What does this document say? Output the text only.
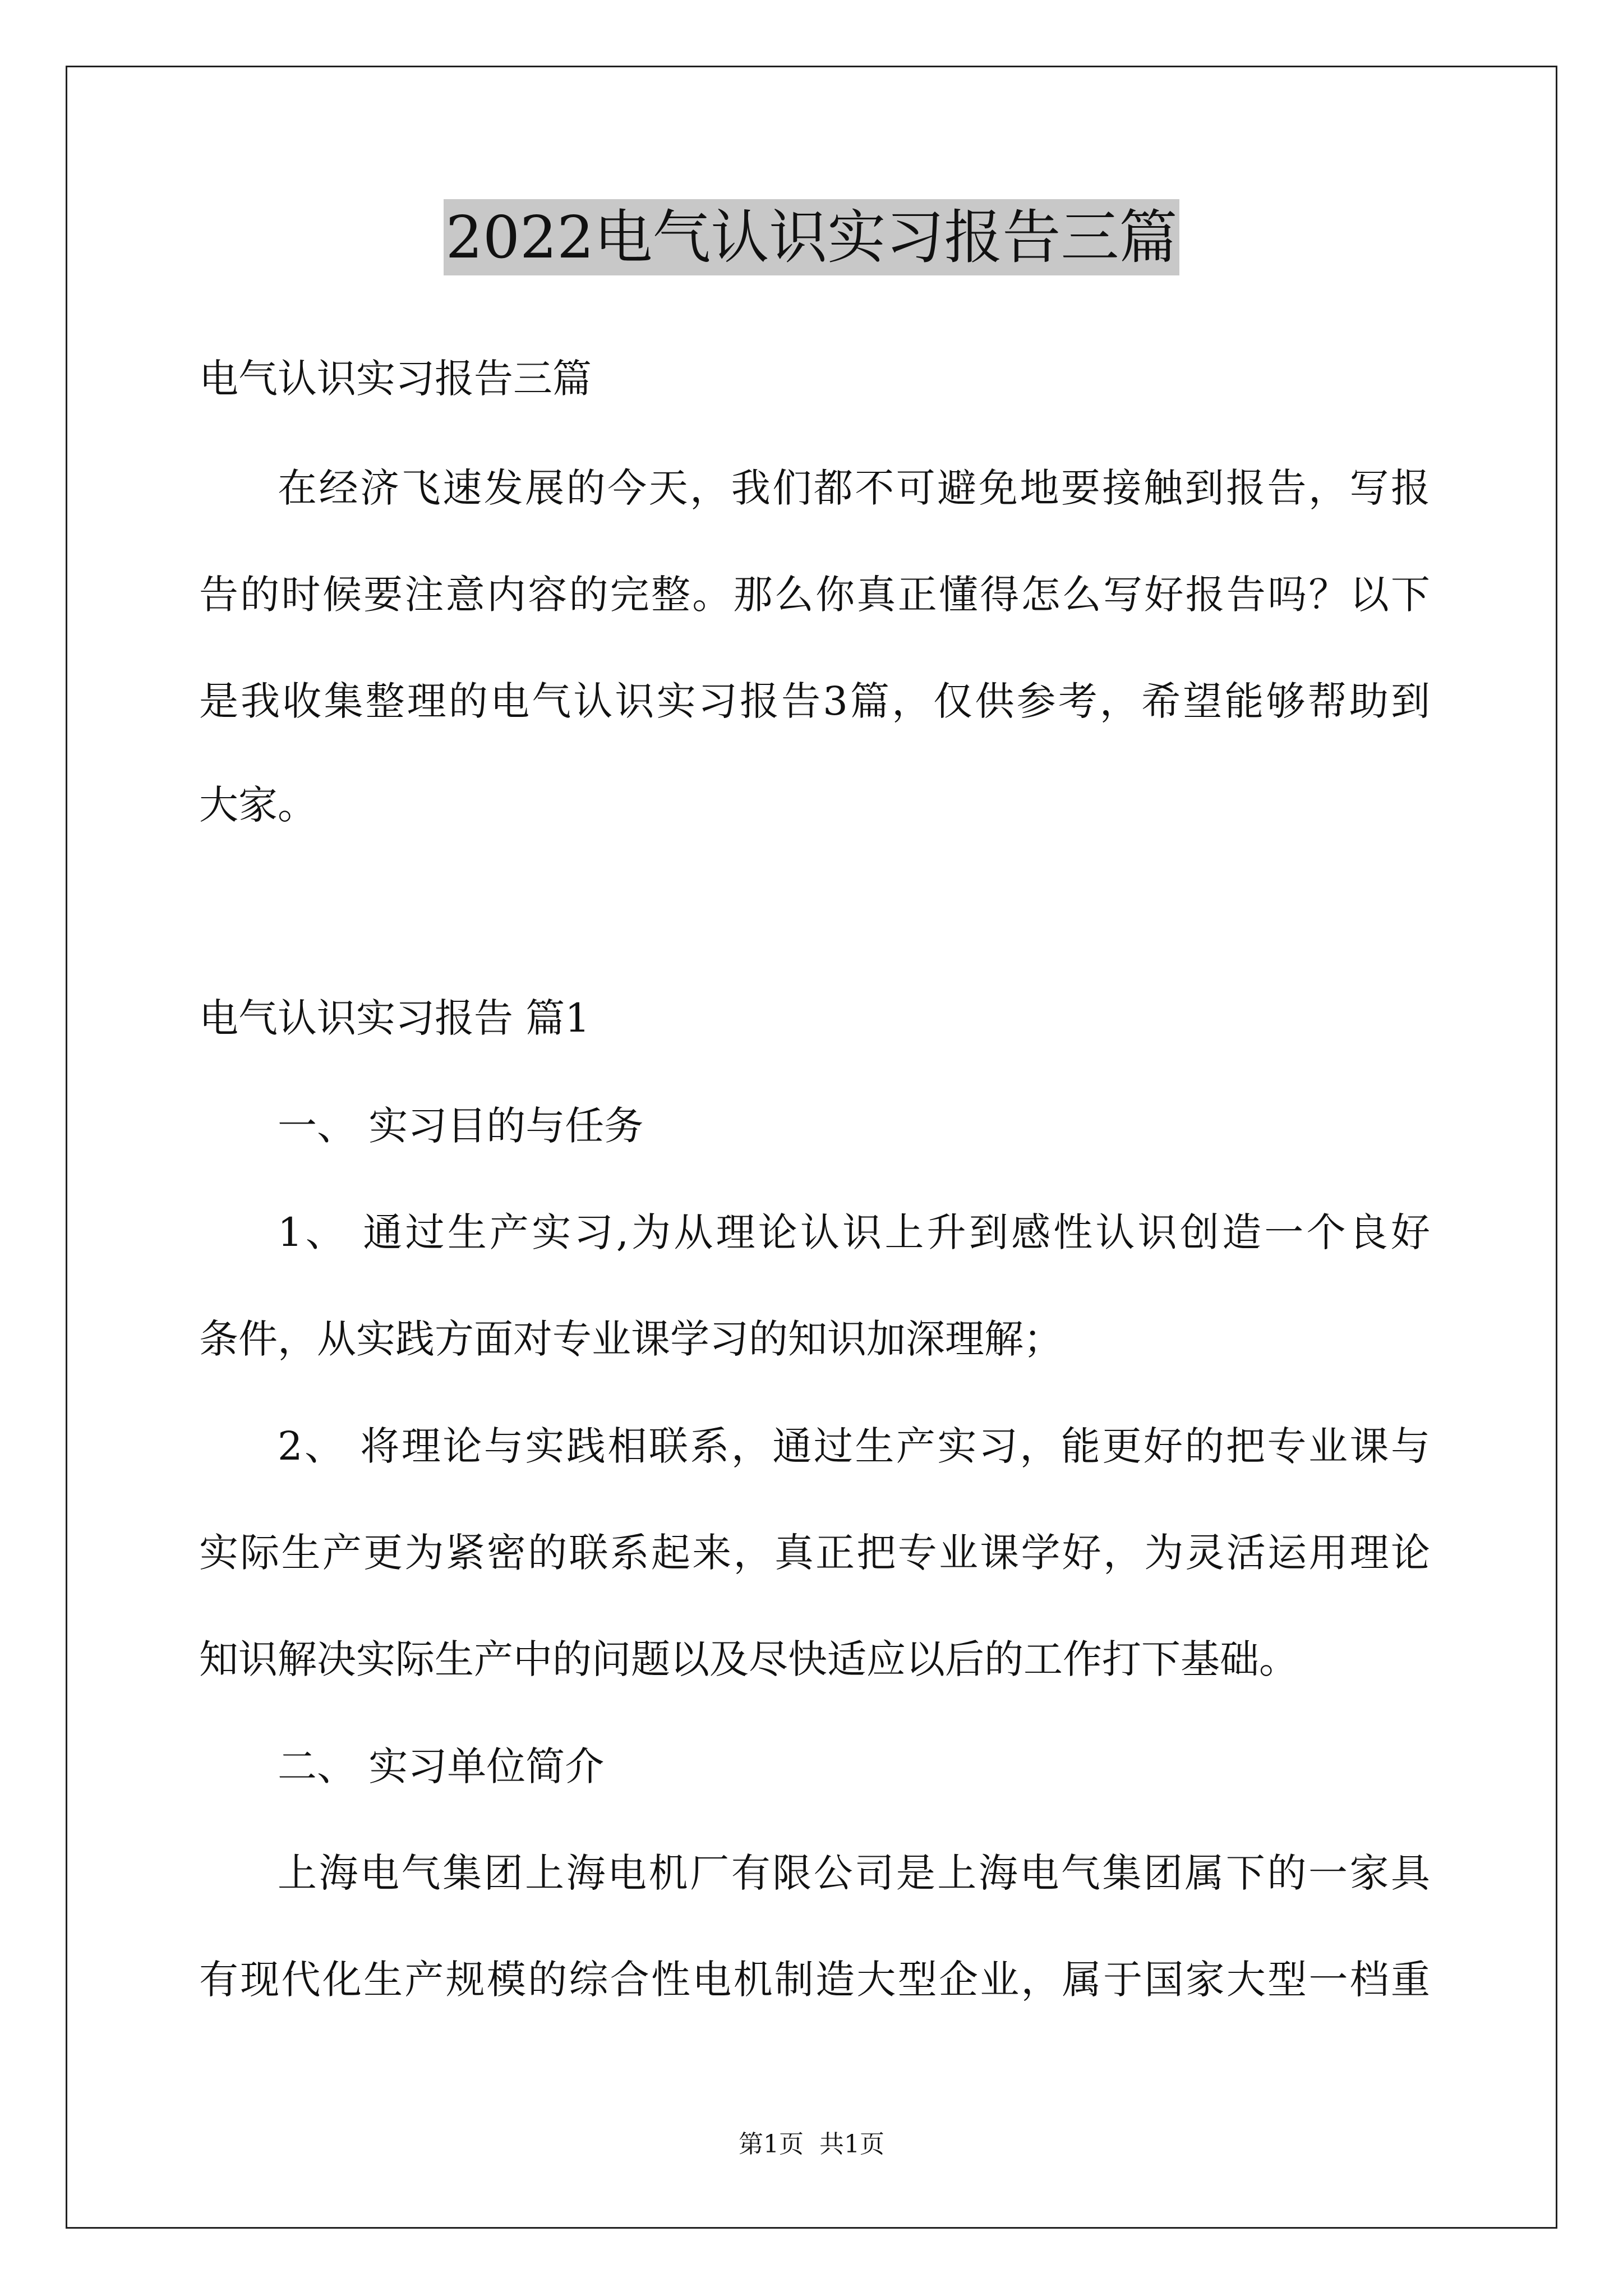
2022电气认识实习报告三篇
电气认识实习报告三篇
在经济飞速发展的今天，我们都不可避免地要接触到报告，写报
告的时候要注意内容的完整。那么你真正懂得怎么写好报告吗？以下
是我收集整理的电气认识实习报告3篇，仅供参考，希望能够帮助到
大家。
电气认识实习报告 篇1
一、 实习目的与任务
1、 通过生产实习,为从理论认识上升到感性认识创造一个良好
条件，从实践方面对专业课学习的知识加深理解；
2、 将理论与实践相联系，通过生产实习，能更好的把专业课与
实际生产更为紧密的联系起来，真正把专业课学好，为灵活运用理论
知识解决实际生产中的问题以及尽快适应以后的工作打下基础。
二、 实习单位简介
上海电气集团上海电机厂有限公司是上海电气集团属下的一家具
有现代化生产规模的综合性电机制造大型企业，属于国家大型一档重
第1页  共1页
